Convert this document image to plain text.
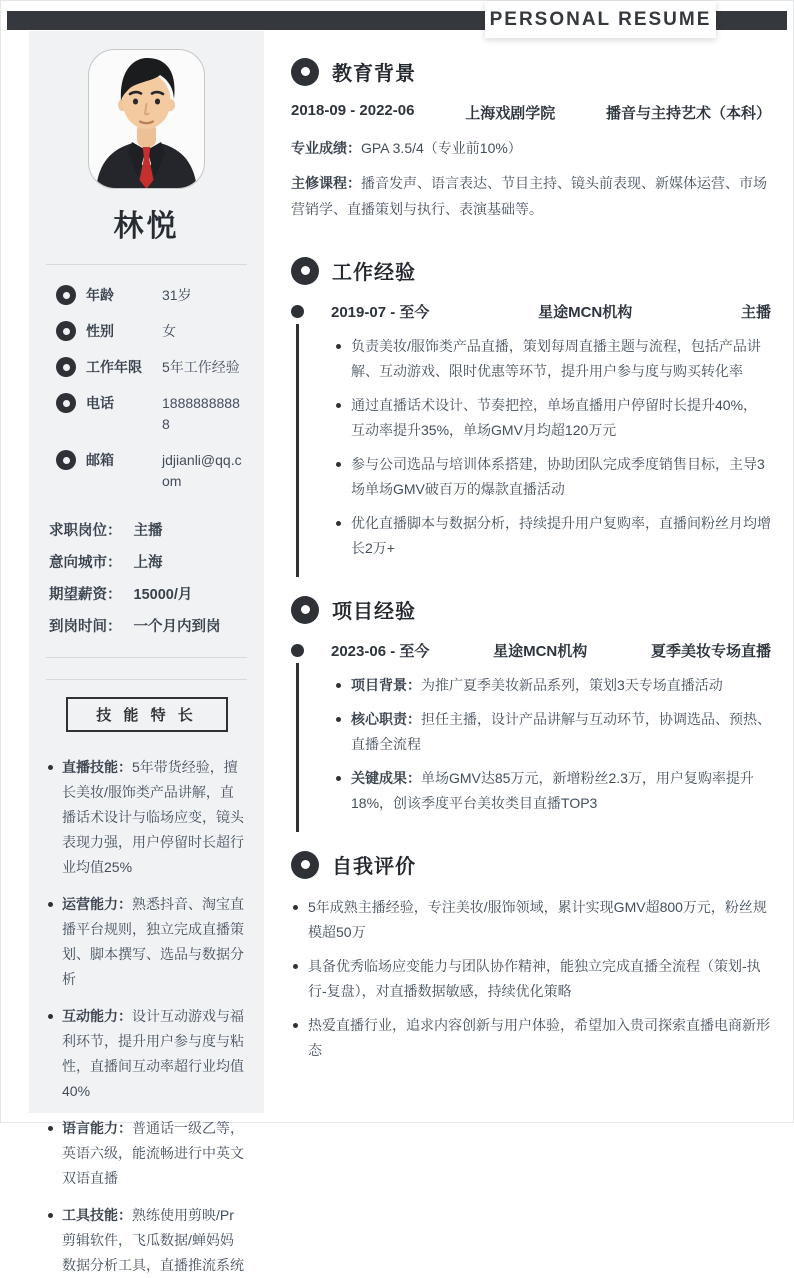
PERSONAL RESUME
林悦
年龄	31岁
性别	女
工作年限	5年工作经验
电话	18888888888
邮箱	jdjianli@qq.com
求职岗位： 主播
意向城市： 上海
期望薪资： 15000/月
到岗时间： 一个月内到岗
技 能 特 长

直播技能：5年带货经验，擅长美妆/服饰类产品讲解，直播话术设计与临场应变，镜头表现力强，用户停留时长超行业均值25%

运营能力：熟悉抖音、淘宝直播平台规则，独立完成直播策划、脚本撰写、选品与数据分析

互动能力：设计互动游戏与福利环节，提升用户参与度与粘性，直播间互动率超行业均值40%

语言能力：普通话一级乙等，英语六级，能流畅进行中英文双语直播

工具技能：熟练使用剪映/Pr剪辑软件，飞瓜数据/蝉妈妈数据分析工具，直播推流系统

教育背景
2018-09 - 2022-06	上海戏剧学院	播音与主持艺术（本科）

专业成绩：GPA 3.5/4（专业前10%）

主修课程：播音发声、语言表达、节目主持、镜头前表现、新媒体运营、市场营销学、直播策划与执行、表演基础等。

工作经验
2019-07 - 至今	星途MCN机构	主播

负责美妆/服饰类产品直播，策划每周直播主题与流程，包括产品讲解、互动游戏、限时优惠等环节，提升用户参与度与购买转化率

通过直播话术设计、节奏把控，单场直播用户停留时长提升40%，互动率提升35%，单场GMV月均超120万元

参与公司选品与培训体系搭建，协助团队完成季度销售目标，主导3场单场GMV破百万的爆款直播活动

优化直播脚本与数据分析，持续提升用户复购率，直播间粉丝月均增长2万+

项目经验
2023-06 - 至今	星途MCN机构	夏季美妆专场直播

项目背景：为推广夏季美妆新品系列，策划3天专场直播活动

核心职责：担任主播，设计产品讲解与互动环节，协调选品、预热、直播全流程

关键成果：单场GMV达85万元，新增粉丝2.3万，用户复购率提升18%，创该季度平台美妆类目直播TOP3

自我评价

5年成熟主播经验，专注美妆/服饰领域，累计实现GMV超800万元，粉丝规模超50万

具备优秀临场应变能力与团队协作精神，能独立完成直播全流程（策划-执行-复盘），对直播数据敏感，持续优化策略

热爱直播行业，追求内容创新与用户体验，希望加入贵司探索直播电商新形态
